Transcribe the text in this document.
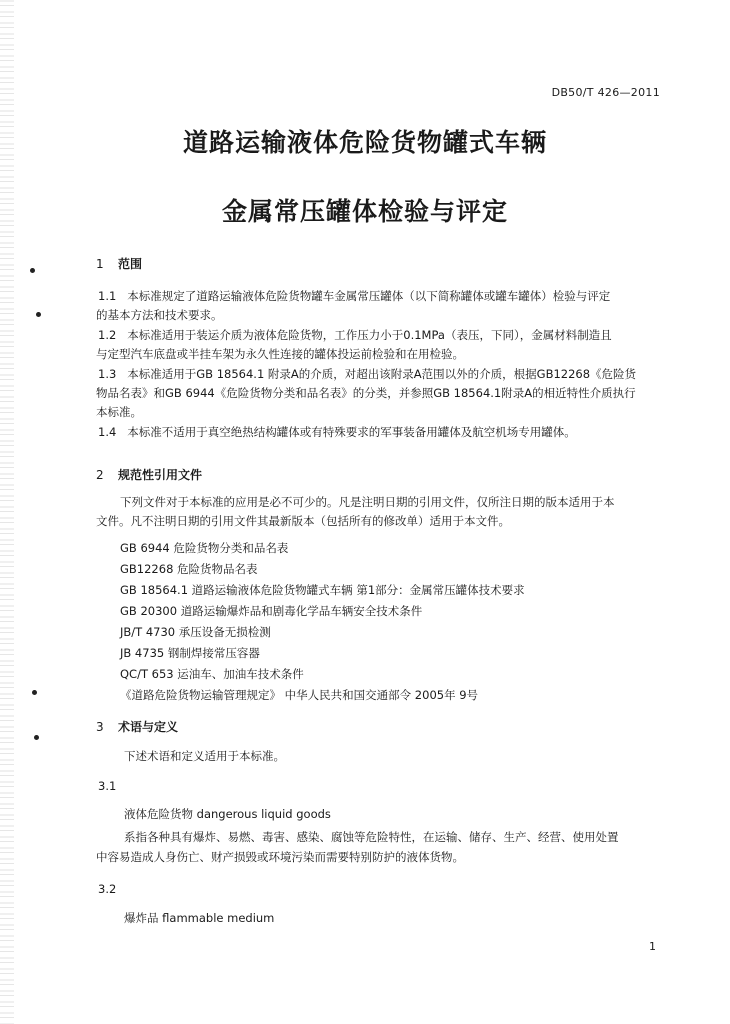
DB50/T 426—2011
道路运输液体危险货物罐式车辆
金属常压罐体检验与评定
1 范围
1.1 本标准规定了道路运输液体危险货物罐车金属常压罐体（以下简称罐体或罐车罐体）检验与评定
的基本方法和技术要求。
1.2 本标准适用于装运介质为液体危险货物，工作压力小于0.1MPa（表压，下同），金属材料制造且
与定型汽车底盘或半挂车架为永久性连接的罐体投运前检验和在用检验。
1.3 本标准适用于GB 18564.1 附录A的介质，对超出该附录A范围以外的介质，根据GB12268《危险货
物品名表》和GB 6944《危险货物分类和品名表》的分类，并参照GB 18564.1附录A的相近特性介质执行
本标准。
1.4 本标准不适用于真空绝热结构罐体或有特殊要求的军事装备用罐体及航空机场专用罐体。
2 规范性引用文件
下列文件对于本标准的应用是必不可少的。凡是注明日期的引用文件，仅所注日期的版本适用于本
文件。凡不注明日期的引用文件其最新版本（包括所有的修改单）适用于本文件。
GB 6944 危险货物分类和品名表
GB12268 危险货物品名表
GB 18564.1 道路运输液体危险货物罐式车辆 第1部分：金属常压罐体技术要求
GB 20300 道路运输爆炸品和剧毒化学品车辆安全技术条件
JB/T 4730 承压设备无损检测
JB 4735 钢制焊接常压容器
QC/T 653 运油车、加油车技术条件
《道路危险货物运输管理规定》 中华人民共和国交通部令 2005年 9号
3 术语与定义
下述术语和定义适用于本标准。
3.1
液体危险货物 dangerous liquid goods
系指各种具有爆炸、易燃、毒害、感染、腐蚀等危险特性，在运输、储存、生产、经营、使用处置
中容易造成人身伤亡、财产损毁或环境污染而需要特别防护的液体货物。
3.2
爆炸品 flammable medium
1
